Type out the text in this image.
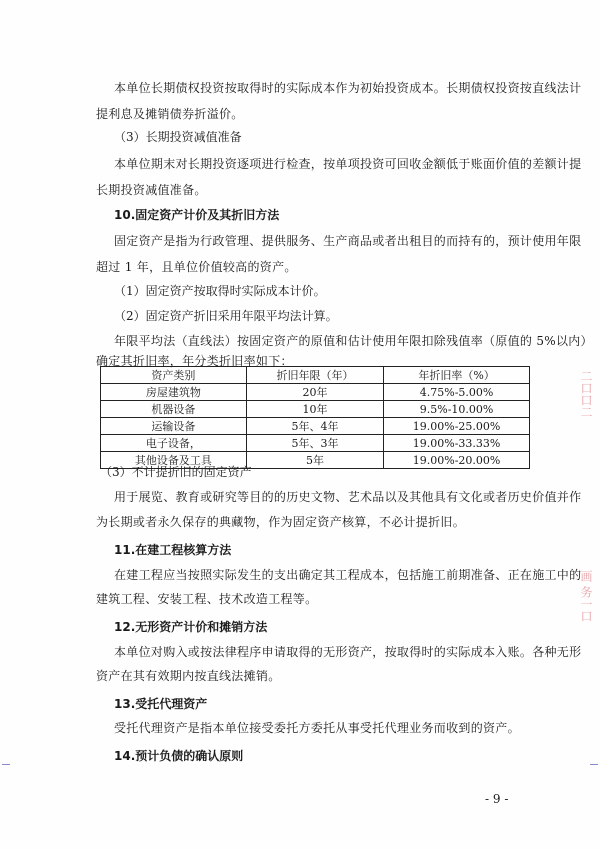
本单位长期债权投资按取得时的实际成本作为初始投资成本。长期债权投资按直线法计
提利息及摊销债券折溢价。
（3）长期投资减值准备
本单位期末对长期投资逐项进行检查，按单项投资可回收金额低于账面价值的差额计提
长期投资减值准备。
10.固定资产计价及其折旧方法
固定资产是指为行政管理、提供服务、生产商品或者出租目的而持有的，预计使用年限
超过 1 年，且单位价值较高的资产。
（1）固定资产按取得时实际成本计价。
（2）固定资产折旧采用年限平均法计算。
年限平均法（直线法）按固定资产的原值和估计使用年限扣除残值率（原值的 5%以内）
确定其折旧率，年分类折旧率如下：
资产类别	折旧年限（年）	年折旧率（%）
房屋建筑物	20年	4.75%-5.00%
机器设备	10年	9.5%-10.00%
运输设备	5年、4年	19.00%-25.00%
电子设备，	5年、3年	19.00%-33.33%
其他设备及工具	5年	19.00%-20.00%
（3）不计提折旧的固定资产
用于展览、教育或研究等目的的历史文物、艺术品以及其他具有文化或者历史价值并作
为长期或者永久保存的典藏物，作为固定资产核算，不必计提折旧。
11.在建工程核算方法
在建工程应当按照实际发生的支出确定其工程成本，包括施工前期准备、正在施工中的
建筑工程、安装工程、技术改造工程等。
12.无形资产计价和摊销方法
本单位对购入或按法律程序申请取得的无形资产，按取得时的实际成本入账。各种无形
资产在其有效期内按直线法摊销。
13.受托代理资产
受托代理资产是指本单位接受委托方委托从事受托代理业务而收到的资产。
14.预计负债的确认原则
- 9 -
二口口二
画 务一口
